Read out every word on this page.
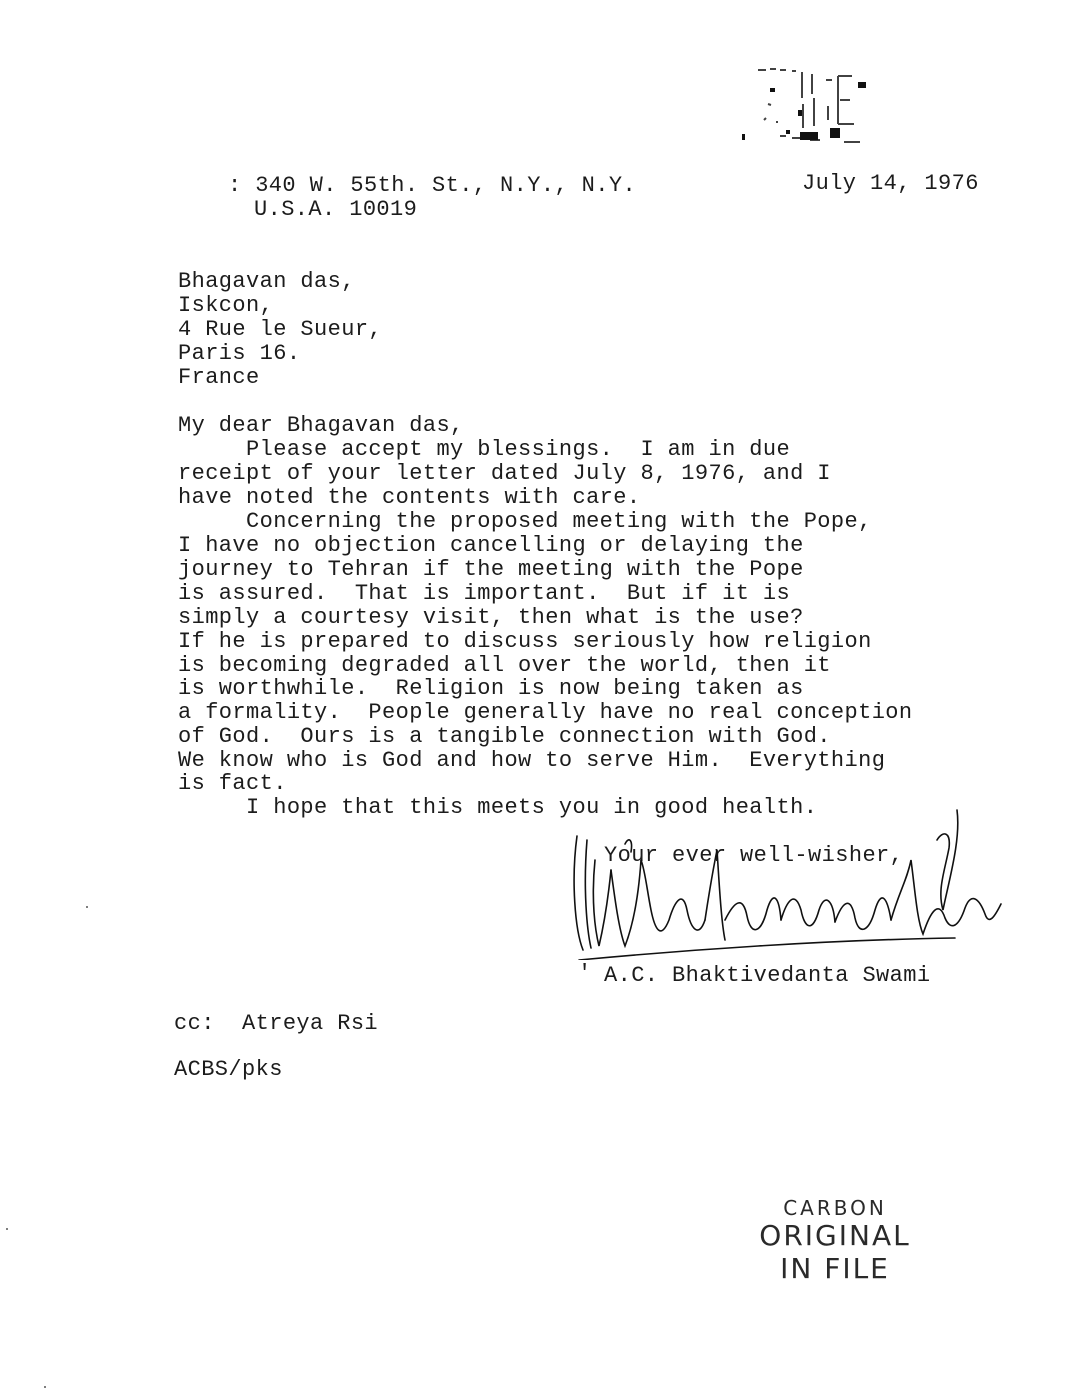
: 340 W. 55th. St., N.Y., N.Y.
U.S.A. 10019
July 14, 1976
Bhagavan das,
Iskcon,
4 Rue le Sueur,
Paris 16.
France
My dear Bhagavan das,
Please accept my blessings.  I am in due
receipt of your letter dated July 8, 1976, and I
have noted the contents with care.
Concerning the proposed meeting with the Pope,
I have no objection cancelling or delaying the
journey to Tehran if the meeting with the Pope
is assured.  That is important.  But if it is
simply a courtesy visit, then what is the use?
If he is prepared to discuss seriously how religion
is becoming degraded all over the world, then it
is worthwhile.  Religion is now being taken as
a formality.  People generally have no real conception
of God.  Ours is a tangible connection with God.
We know who is God and how to serve Him.  Everything
is fact.
I hope that this meets you in good health.
Your ever well-wisher,
A.C. Bhaktivedanta Swami
'
cc:  Atreya Rsi
ACBS/pks
CARBON
ORIGINAL
IN FILE
